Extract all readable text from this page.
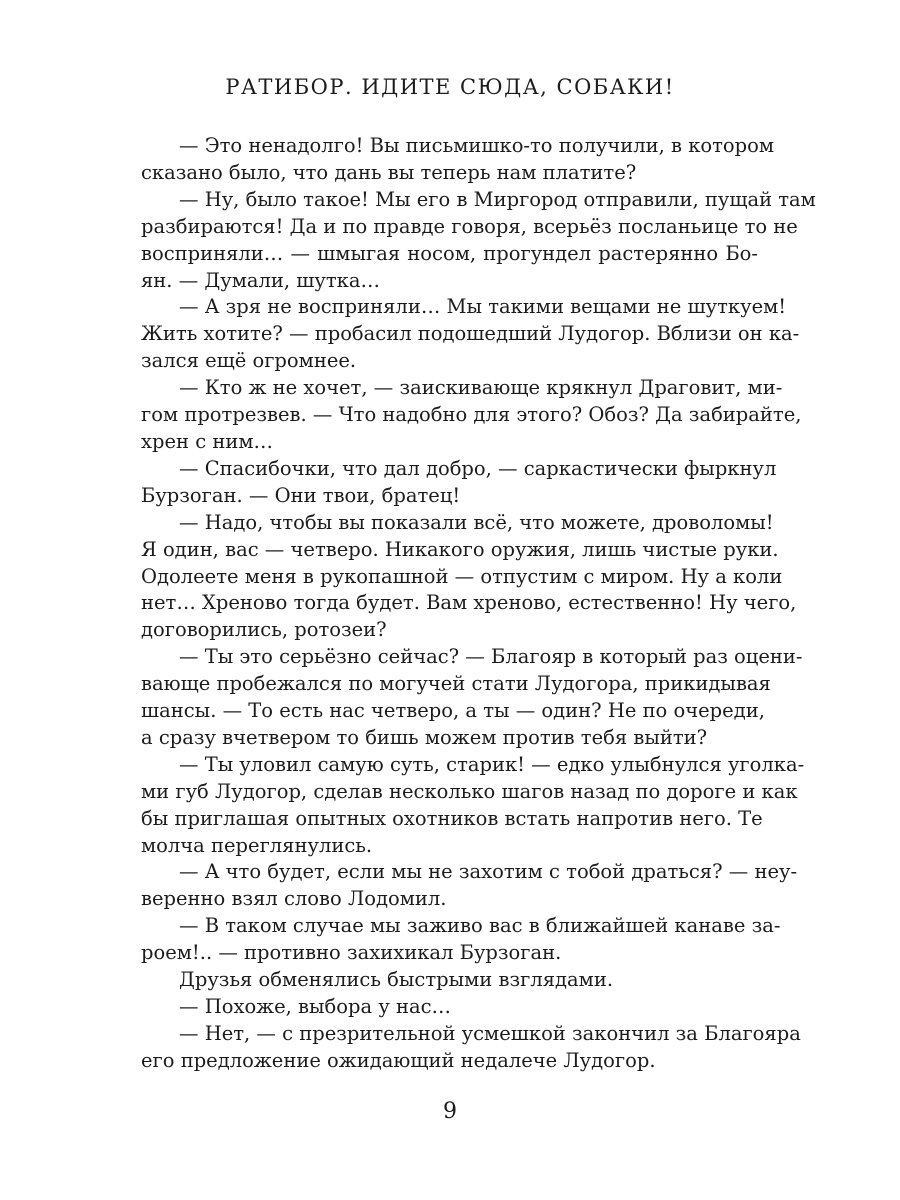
РАТИБОР. ИДИТЕ СЮДА, СОБАКИ!
— Это ненадолго! Вы письмишко-то получили, в котором
сказано было, что дань вы теперь нам платите?
— Ну, было такое! Мы его в Миргород отправили, пущай там
разбираются! Да и по правде говоря, всерьёз посланьице то не
восприняли… — шмыгая носом, прогундел растерянно Бо-
ян. — Думали, шутка…
— А зря не восприняли… Мы такими вещами не шуткуем!
Жить хотите? — пробасил подошедший Лудогор. Вблизи он ка-
зался ещё огромнее.
— Кто ж не хочет, — заискивающе крякнул Драговит, ми-
гом протрезвев. — Что надобно для этого? Обоз? Да забирайте,
хрен с ним…
— Спасибочки, что дал добро, — саркастически фыркнул
Бурзоган. — Они твои, братец!
— Надо, чтобы вы показали всё, что можете, дроволомы!
Я один, вас — четверо. Никакого оружия, лишь чистые руки.
Одолеете меня в рукопашной — отпустим с миром. Ну а коли
нет… Хреново тогда будет. Вам хреново, естественно! Ну чего,
договорились, ротозеи?
— Ты это серьёзно сейчас? — Благояр в который раз оцени-
вающе пробежался по могучей стати Лудогора, прикидывая
шансы. — То есть нас четверо, а ты — один? Не по очереди,
а сразу вчетвером то бишь можем против тебя выйти?
— Ты уловил самую суть, старик! — едко улыбнулся уголка-
ми губ Лудогор, сделав несколько шагов назад по дороге и как
бы приглашая опытных охотников встать напротив него. Те
молча переглянулись.
— А что будет, если мы не захотим с тобой драться? — неу-
веренно взял слово Лодомил.
— В таком случае мы заживо вас в ближайшей канаве за-
роем!.. — противно захихикал Бурзоган.
Друзья обменялись быстрыми взглядами.
— Похоже, выбора у нас…
— Нет, — с презрительной усмешкой закончил за Благояра
его предложение ожидающий недалече Лудогор.
9
